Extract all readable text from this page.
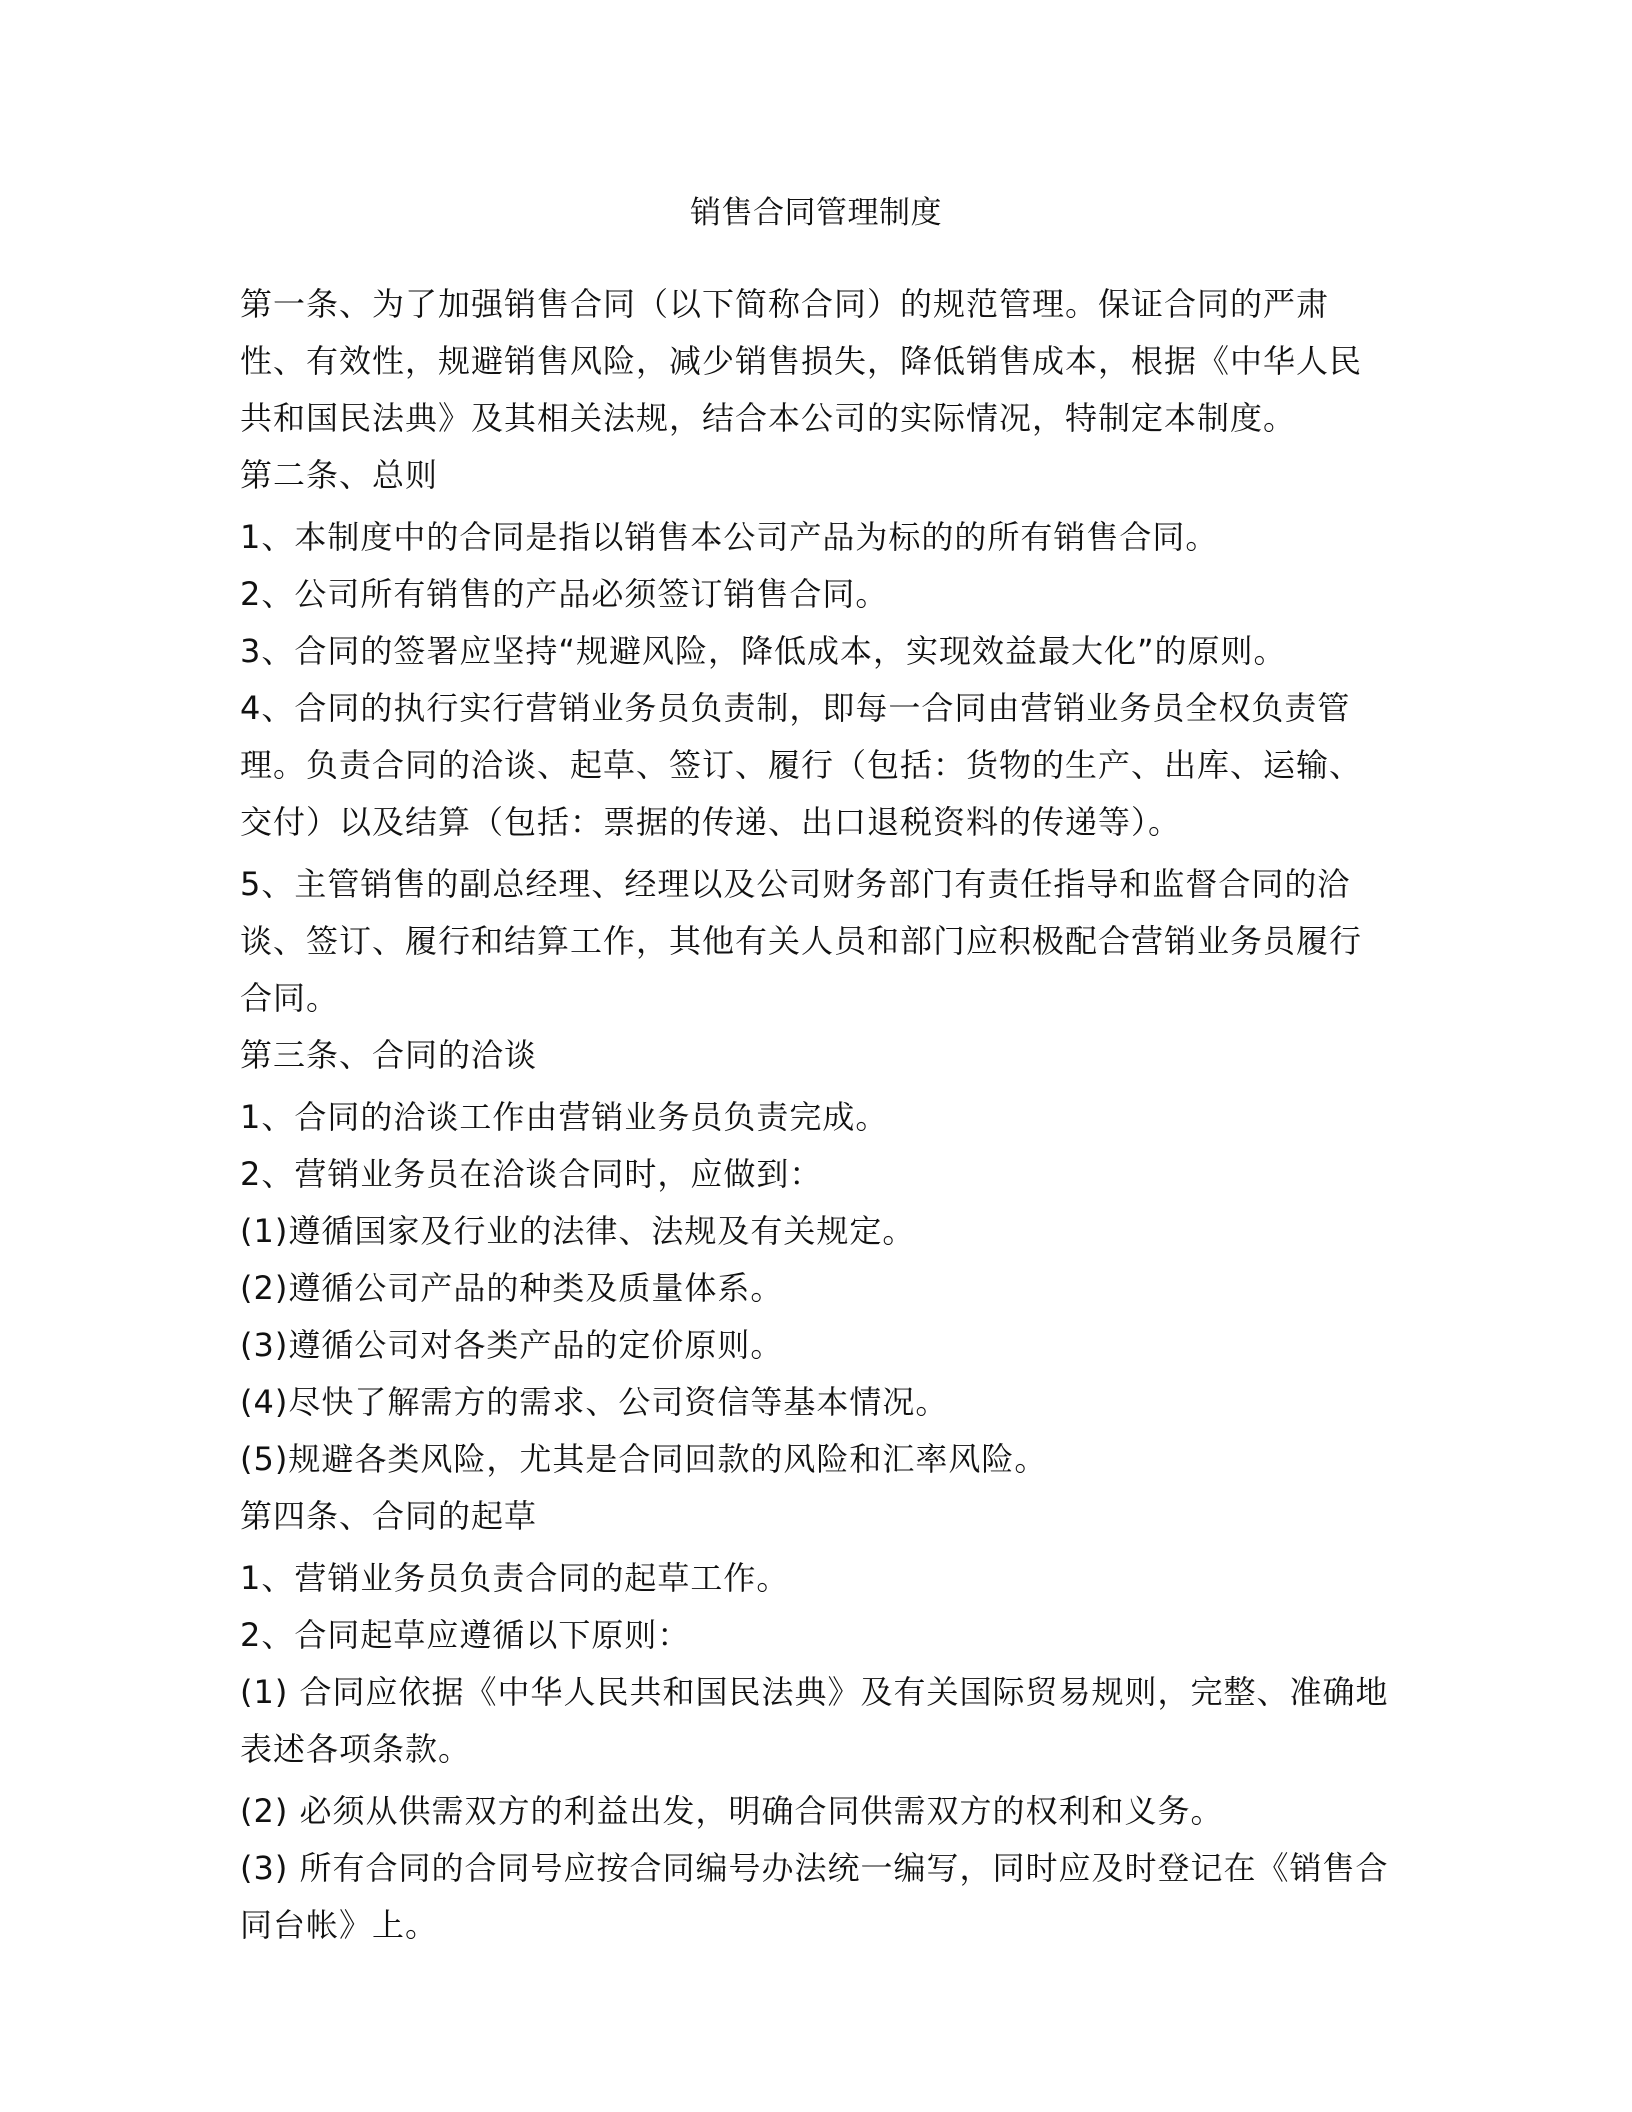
销售合同管理制度

第一条、为了加强销售合同（以下简称合同）的规范管理。保证合同的严肃性、有效性，规避销售风险，减少销售损失，降低销售成本，根据《中华人民共和国民法典》及其相关法规，结合本公司的实际情况，特制定本制度。

第二条、总则

1、本制度中的合同是指以销售本公司产品为标的的所有销售合同。

2、公司所有销售的产品必须签订销售合同。

3、合同的签署应坚持“规避风险，降低成本，实现效益最大化”的原则。

4、合同的执行实行营销业务员负责制，即每一合同由营销业务员全权负责管理。负责合同的洽谈、起草、签订、履行（包括：货物的生产、出库、运输、交付）以及结算（包括：票据的传递、出口退税资料的传递等）。

5、主管销售的副总经理、经理以及公司财务部门有责任指导和监督合同的洽谈、签订、履行和结算工作，其他有关人员和部门应积极配合营销业务员履行合同。

第三条、合同的洽谈

1、合同的洽谈工作由营销业务员负责完成。

2、营销业务员在洽谈合同时，应做到：

(1)遵循国家及行业的法律、法规及有关规定。

(2)遵循公司产品的种类及质量体系。

(3)遵循公司对各类产品的定价原则。

(4)尽快了解需方的需求、公司资信等基本情况。

(5)规避各类风险，尤其是合同回款的风险和汇率风险。

第四条、合同的起草

1、营销业务员负责合同的起草工作。

2、合同起草应遵循以下原则：

(1) 合同应依据《中华人民共和国民法典》及有关国际贸易规则，完整、准确地表述各项条款。

(2) 必须从供需双方的利益出发，明确合同供需双方的权利和义务。

(3) 所有合同的合同号应按合同编号办法统一编写，同时应及时登记在《销售合同台帐》上。
